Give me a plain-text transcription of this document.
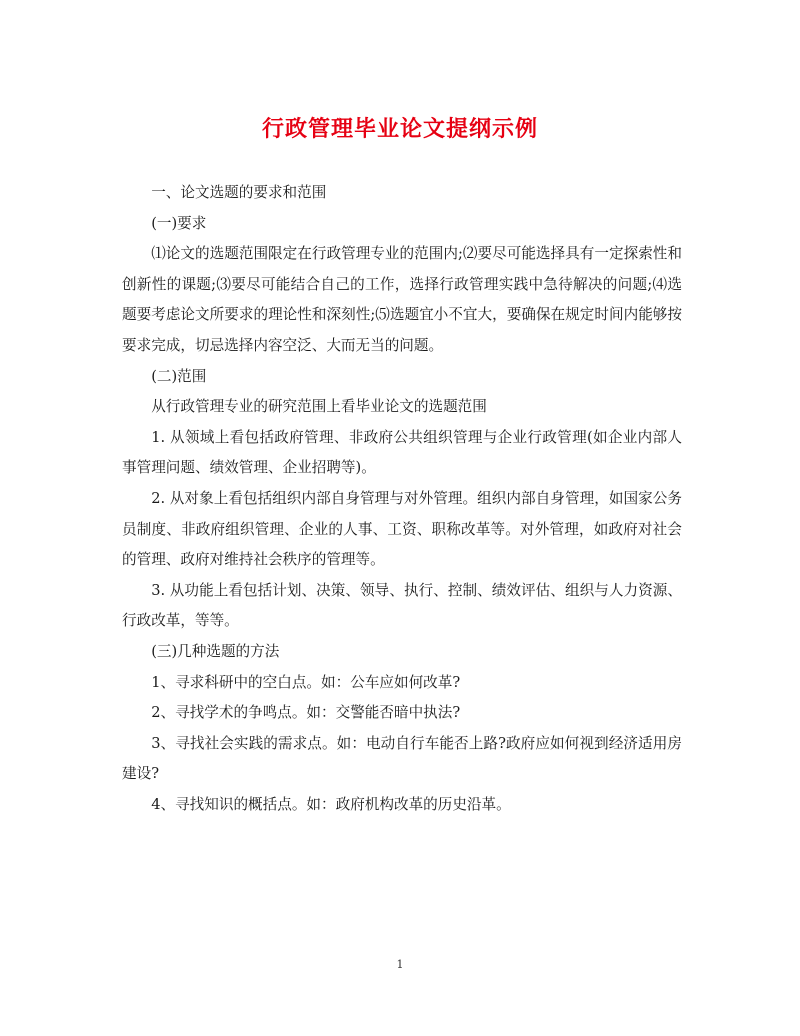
行政管理毕业论文提纲示例

一、论文选题的要求和范围

(一)要求

⑴论文的选题范围限定在行政管理专业的范围内;⑵要尽可能选择具有一定探索性和创新性的课题;⑶要尽可能结合自己的工作，选择行政管理实践中急待解决的问题;⑷选题要考虑论文所要求的理论性和深刻性;⑸选题宜小不宜大，要确保在规定时间内能够按要求完成，切忌选择内容空泛、大而无当的问题。

(二)范围

从行政管理专业的研究范围上看毕业论文的选题范围

1. 从领域上看包括政府管理、非政府公共组织管理与企业行政管理(如企业内部人事管理问题、绩效管理、企业招聘等)。

2. 从对象上看包括组织内部自身管理与对外管理。组织内部自身管理，如国家公务员制度、非政府组织管理、企业的人事、工资、职称改革等。对外管理，如政府对社会的管理、政府对维持社会秩序的管理等。

3. 从功能上看包括计划、决策、领导、执行、控制、绩效评估、组织与人力资源、行政改革，等等。

(三)几种选题的方法

1、寻求科研中的空白点。如：公车应如何改革?

2、寻找学术的争鸣点。如：交警能否暗中执法?

3、寻找社会实践的需求点。如：电动自行车能否上路?政府应如何视到经济适用房建设?

4、寻找知识的概括点。如：政府机构改革的历史沿革。

1
